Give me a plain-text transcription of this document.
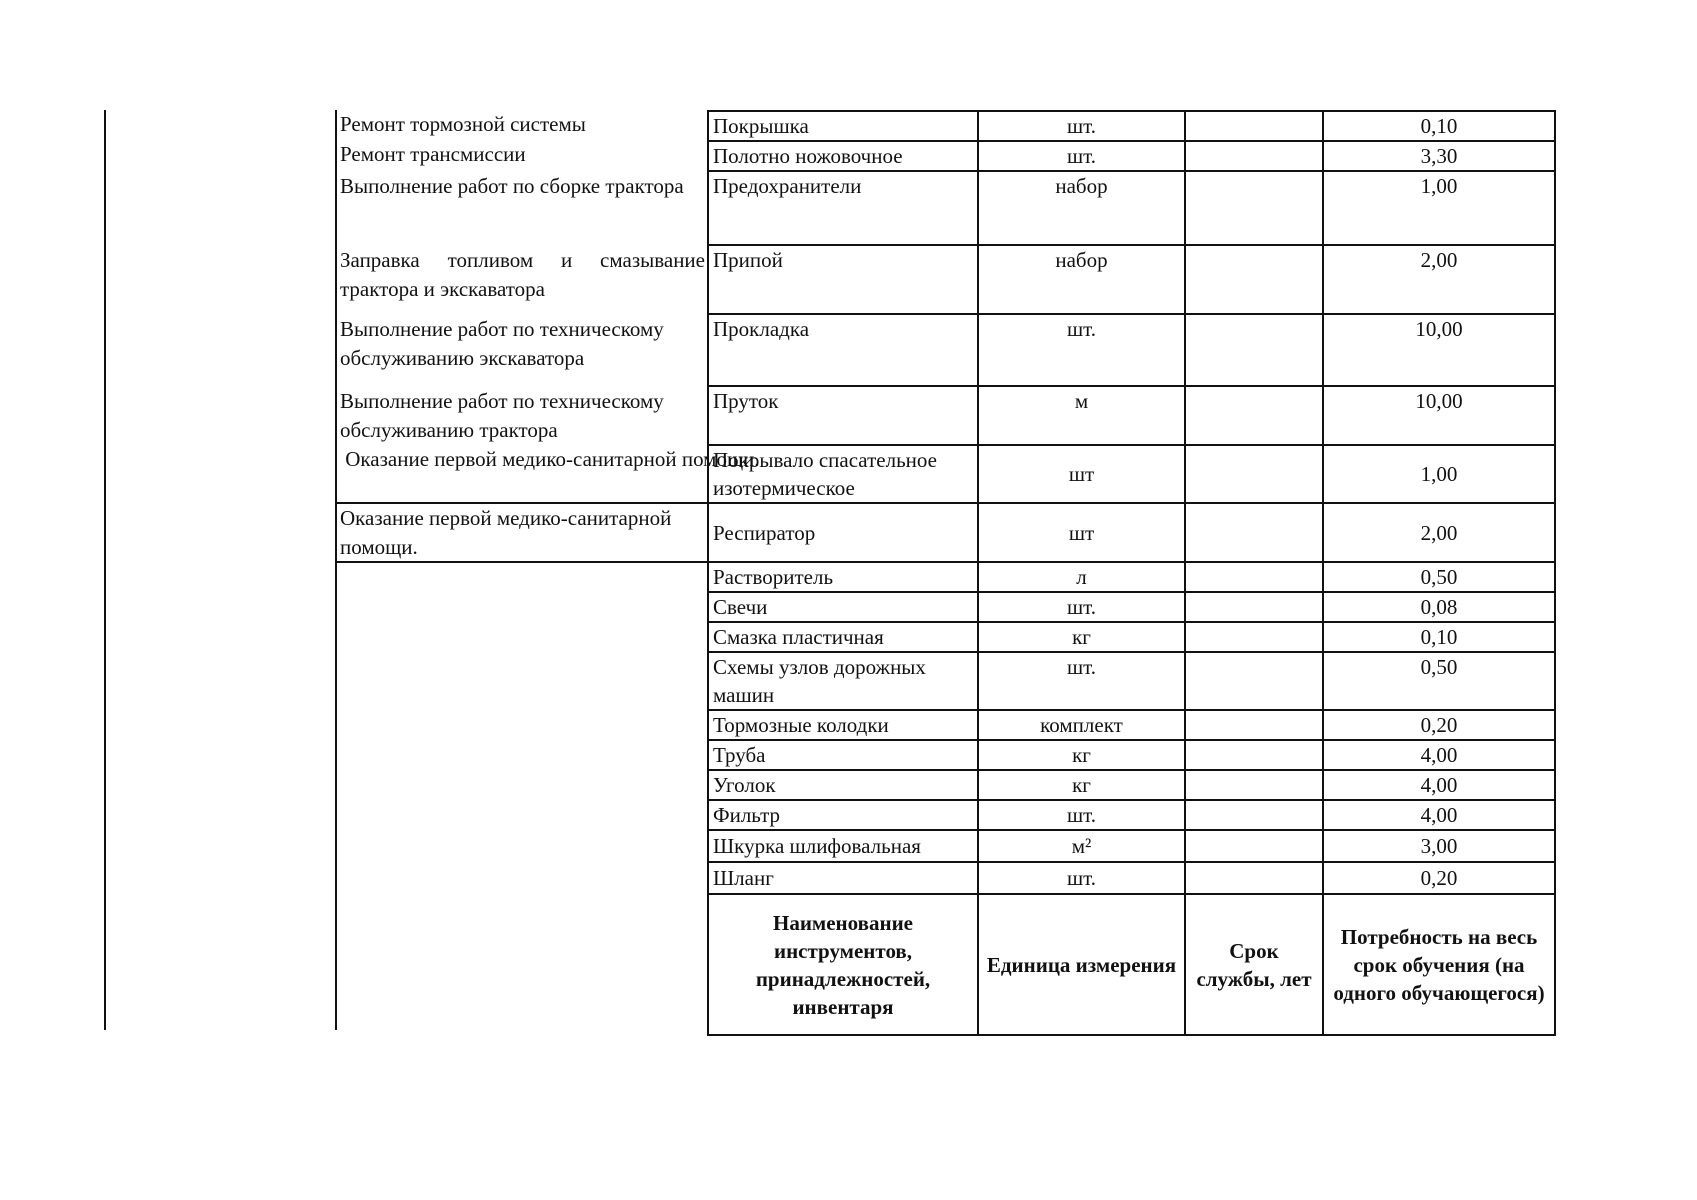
Ремонт тормозной системы
Ремонт трансмиссии
Выполнение работ по сборке трактора
Заправка топливом и смазывание трактора и экскаватора
Выполнение работ по техническому обслуживанию экскаватора
Выполнение работ по техническому обслуживанию трактора
Оказание первой медико-санитарной помощи.
Оказание первой медико-санитарной помощи.
Покрышка	шт.		0,10
Полотно ножовочное	шт.		3,30
Предохранители	набор		1,00
Припой	набор		2,00
Прокладка	шт.		10,00
Пруток	м		10,00
Покрывало спасательное изотермическое	шт		1,00
Респиратор	шт		2,00
Растворитель	л		0,50
Свечи	шт.		0,08
Смазка пластичная	кг		0,10
Схемы узлов дорожных машин	шт.		0,50
Тормозные колодки	комплект		0,20
Труба	кг		4,00
Уголок	кг		4,00
Фильтр	шт.		4,00
Шкурка шлифовальная	м²		3,00
Шланг	шт.		0,20
Наименование инструментов, принадлежностей, инвентаря	Единица измерения	Срок службы, лет	Потребность на весь срок обучения (на одного обучающегося)
